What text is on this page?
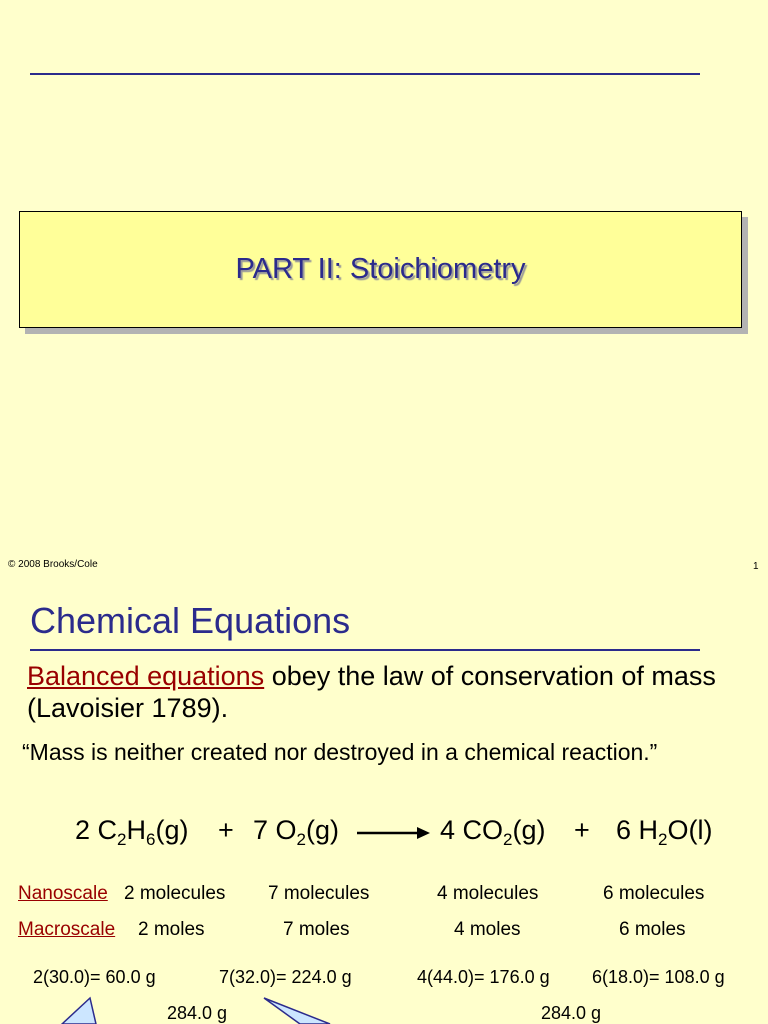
PART II: Stoichiometry
© 2008 Brooks/Cole	1
Chemical Equations
Balanced equations obey the law of conservation of mass (Lavoisier 1789).
“Mass is neither created nor destroyed in a chemical reaction.”
2 $C_2H_6(g) + 7$ $O_2(g)$	4 $CO_2(g) + 6$ $H_2O(l)$
Nanoscale 2 molecules 7 molecules	4 molecules	6 molecules
Macroscale 2 moles	7 moles	4 moles	6 moles
2(30.0)= 60.0 g	7(32.0)= 224.0 g	4(44.0)= 176.0 g 6(18.0)= 108.0 g
284.0 g	284.0 g
